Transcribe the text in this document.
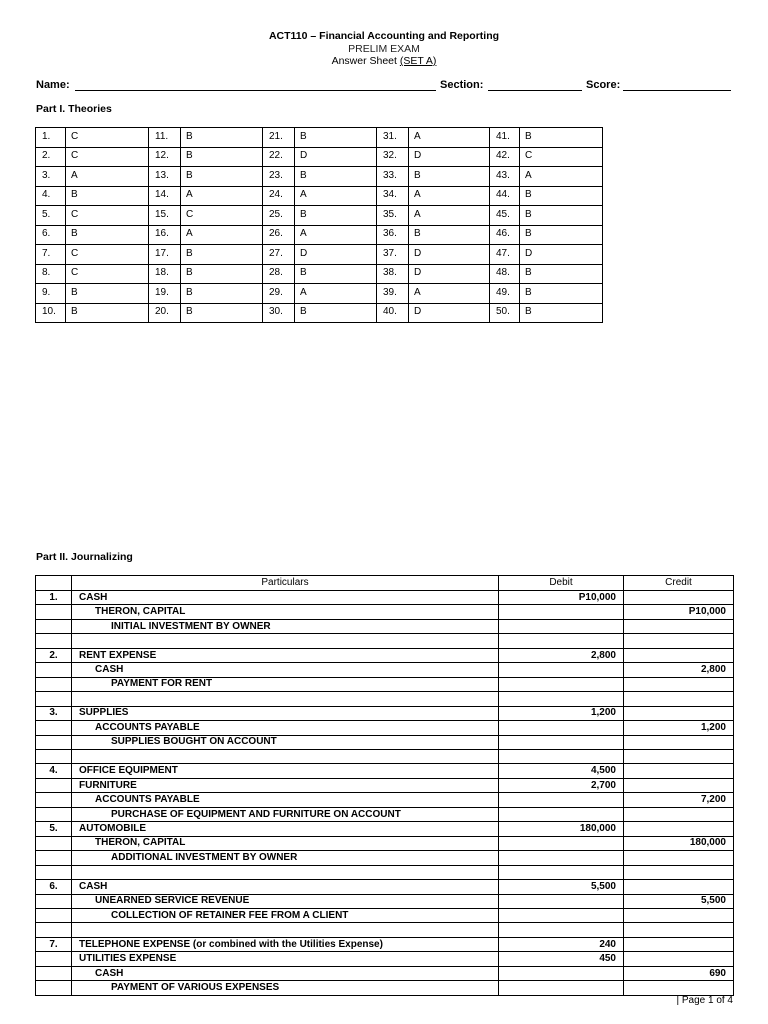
ACT110 – Financial Accounting and Reporting
PRELIM EXAM
Answer Sheet (SET A)
Name:	Section:	Score:
Part I. Theories
1.	C	11.	B	21.	B	31.	A	41.	B
2.	C	12.	B	22.	D	32.	D	42.	C
3.	A	13.	B	23.	B	33.	B	43.	A
4.	B	14.	A	24.	A	34.	A	44.	B
5.	C	15.	C	25.	B	35.	A	45.	B
6.	B	16.	A	26.	A	36.	B	46.	B
7.	C	17.	B	27.	D	37.	D	47.	D
8.	C	18.	B	28.	B	38.	D	48.	B
9.	B	19.	B	29.	A	39.	A	49.	B
10.	B	20.	B	30.	B	40.	D	50.	B
Part II. Journalizing
	Particulars	Debit	Credit
1.	CASH	P10,000	
	THERON, CAPITAL		P10,000
	INITIAL INVESTMENT BY OWNER		

2.	RENT EXPENSE	2,800	
	CASH		2,800
	PAYMENT FOR RENT		

3.	SUPPLIES	1,200	
	ACCOUNTS PAYABLE		1,200
	SUPPLIES BOUGHT ON ACCOUNT		

4.	OFFICE EQUIPMENT	4,500	
	FURNITURE	2,700	
	ACCOUNTS PAYABLE		7,200
	PURCHASE OF EQUIPMENT AND FURNITURE ON ACCOUNT		
5.	AUTOMOBILE	180,000	
	THERON, CAPITAL		180,000
	ADDITIONAL INVESTMENT BY OWNER		

6.	CASH	5,500	
	UNEARNED SERVICE REVENUE		5,500
	COLLECTION OF RETAINER FEE FROM A CLIENT		

7.	TELEPHONE EXPENSE (or combined with the Utilities Expense)	240	
	UTILITIES EXPENSE	450	
	CASH		690
	PAYMENT OF VARIOUS EXPENSES		
| Page 1 of 4
